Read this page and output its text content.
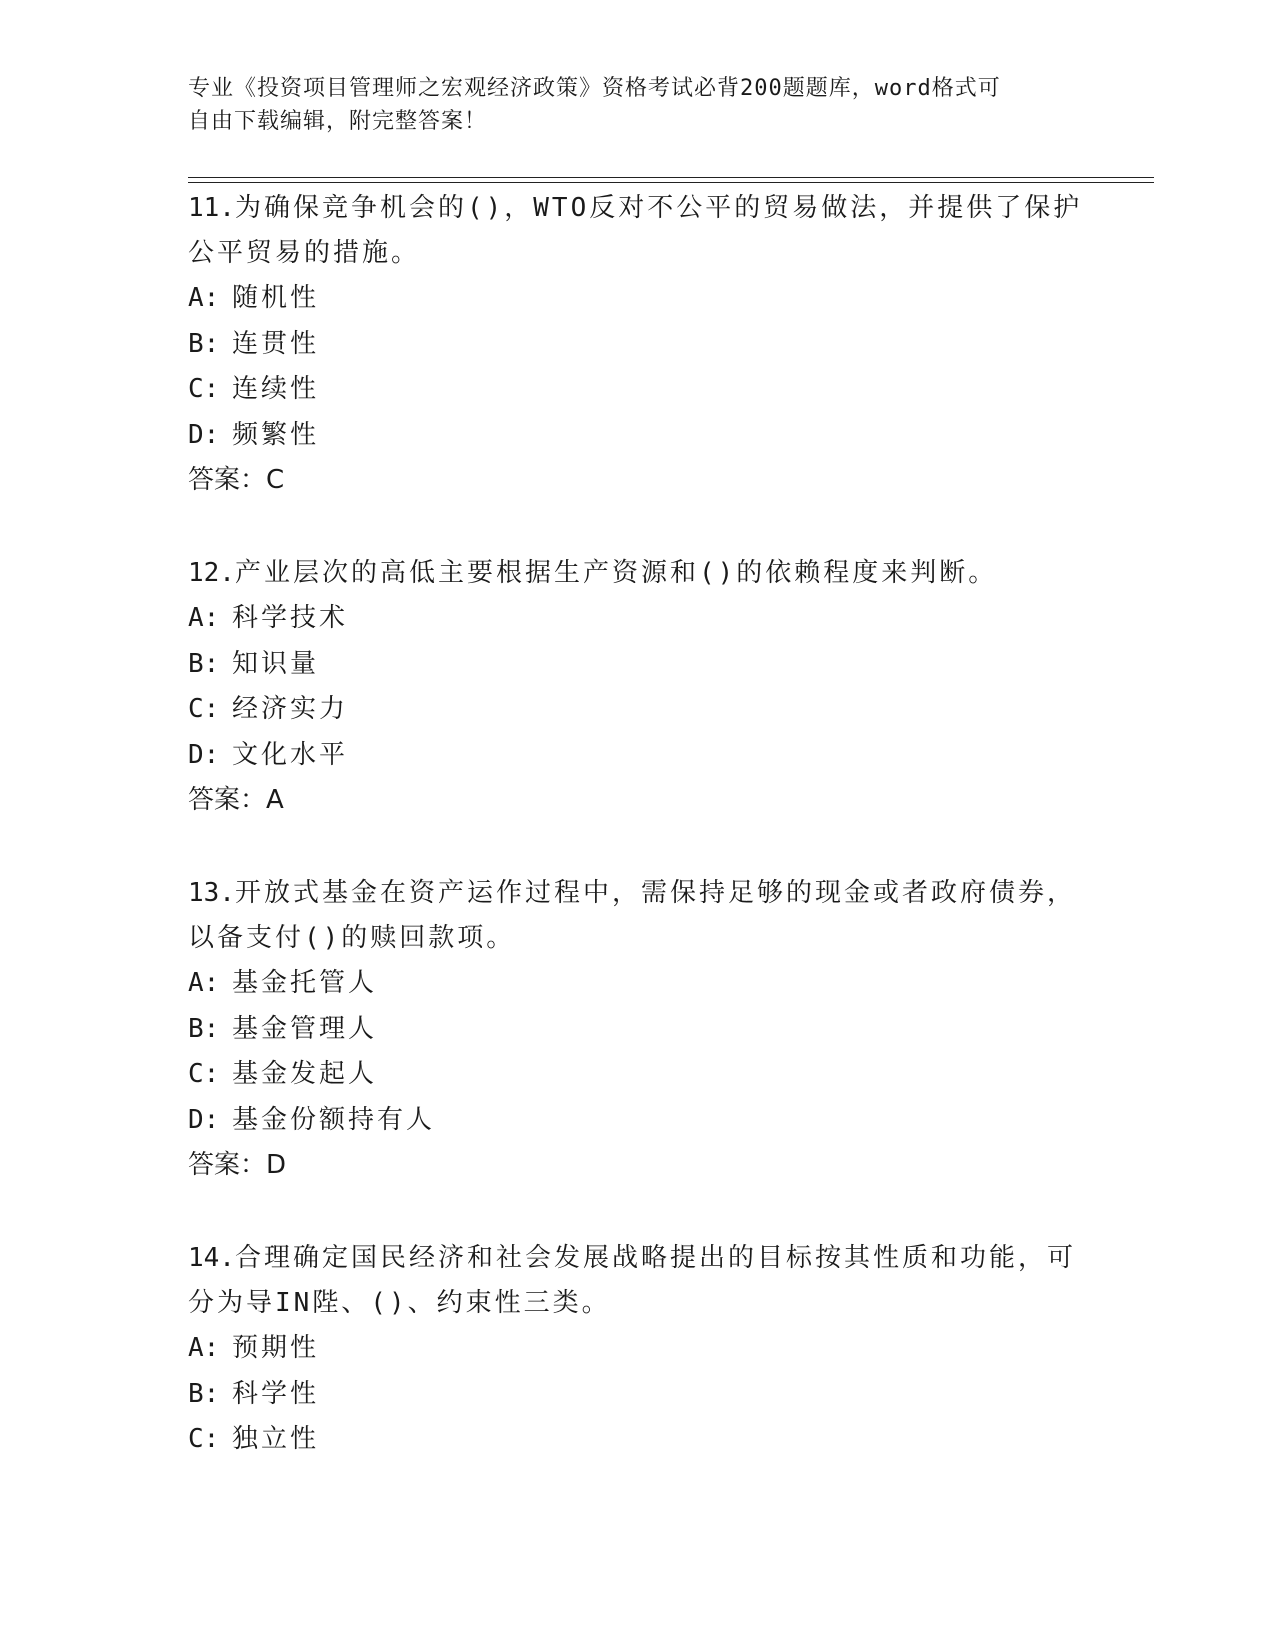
专业《投资项目管理师之宏观经济政策》资格考试必背200题题库，word格式可
自由下载编辑，附完整答案！

11.为确保竞争机会的()，WTO反对不公平的贸易做法，并提供了保护公平贸易的措施。

A: 随机性

B: 连贯性

C: 连续性

D: 频繁性

答案：C

12.产业层次的高低主要根据生产资源和()的依赖程度来判断。

A: 科学技术

B: 知识量

C: 经济实力

D: 文化水平

答案：A

13.开放式基金在资产运作过程中，需保持足够的现金或者政府债券，以备支付()的赎回款项。

A: 基金托管人

B: 基金管理人

C: 基金发起人

D: 基金份额持有人

答案：D

14.合理确定国民经济和社会发展战略提出的目标按其性质和功能，可分为导IN陛、()、约束性三类。

A: 预期性

B: 科学性

C: 独立性
